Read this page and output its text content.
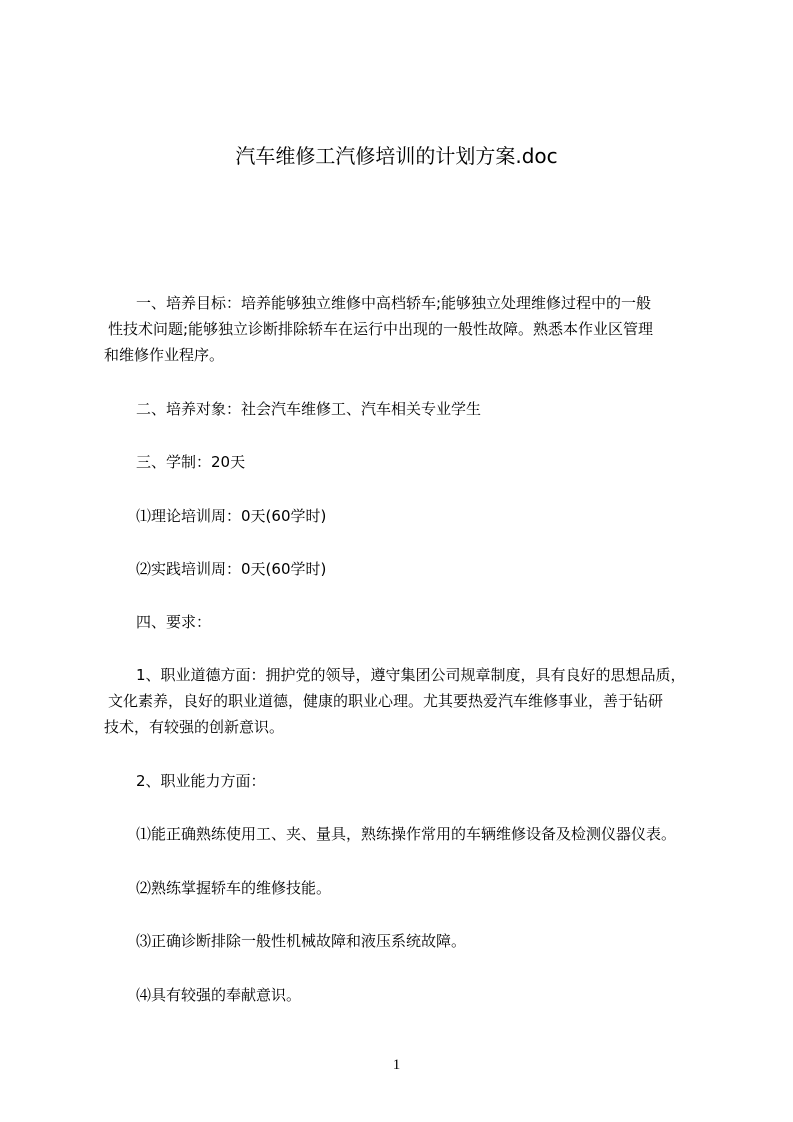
汽车维修工汽修培训的计划方案.doc
一、培养目标：培养能够独立维修中高档轿车;能够独立处理维修过程中的一般
性技术问题;能够独立诊断排除轿车在运行中出现的一般性故障。熟悉本作业区管理
和维修作业程序。
二、培养对象：社会汽车维修工、汽车相关专业学生
三、学制：20天
⑴理论培训周：0天(60学时)
⑵实践培训周：0天(60学时)
四、要求：
1、职业道德方面：拥护党的领导，遵守集团公司规章制度，具有良好的思想品质，
文化素养，良好的职业道德，健康的职业心理。尤其要热爱汽车维修事业，善于钻研
技术，有较强的创新意识。
2、职业能力方面：
⑴能正确熟练使用工、夹、量具，熟练操作常用的车辆维修设备及检测仪器仪表。
⑵熟练掌握轿车的维修技能。
⑶正确诊断排除一般性机械故障和液压系统故障。
⑷具有较强的奉献意识。
1
